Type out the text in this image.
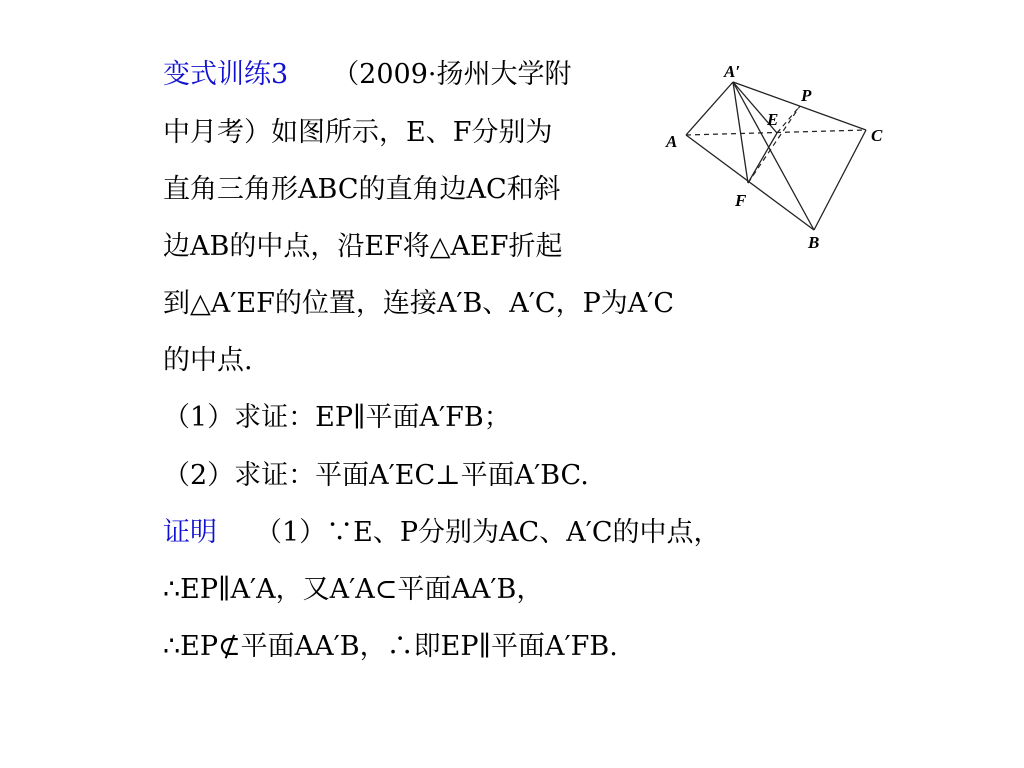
变式训练3 （2009·扬州大学附
中月考）如图所示，E、F分别为
直角三角形ABC的直角边AC和斜
边AB的中点，沿EF将△AEF折起
到△A′EF的位置，连接A′B、A′C，P为A′C
的中点.
（1）求证：EP∥平面A′FB；
（2）求证：平面A′EC⊥平面A′BC.
证明 （1）∵E、P分别为AC、A′C的中点，
∴EP∥A′A，又A′A⊂平面AA′B，
∴EP⊄平面AA′B，∴即EP∥平面A′FB.
A′
P
E
A	C
F
B
